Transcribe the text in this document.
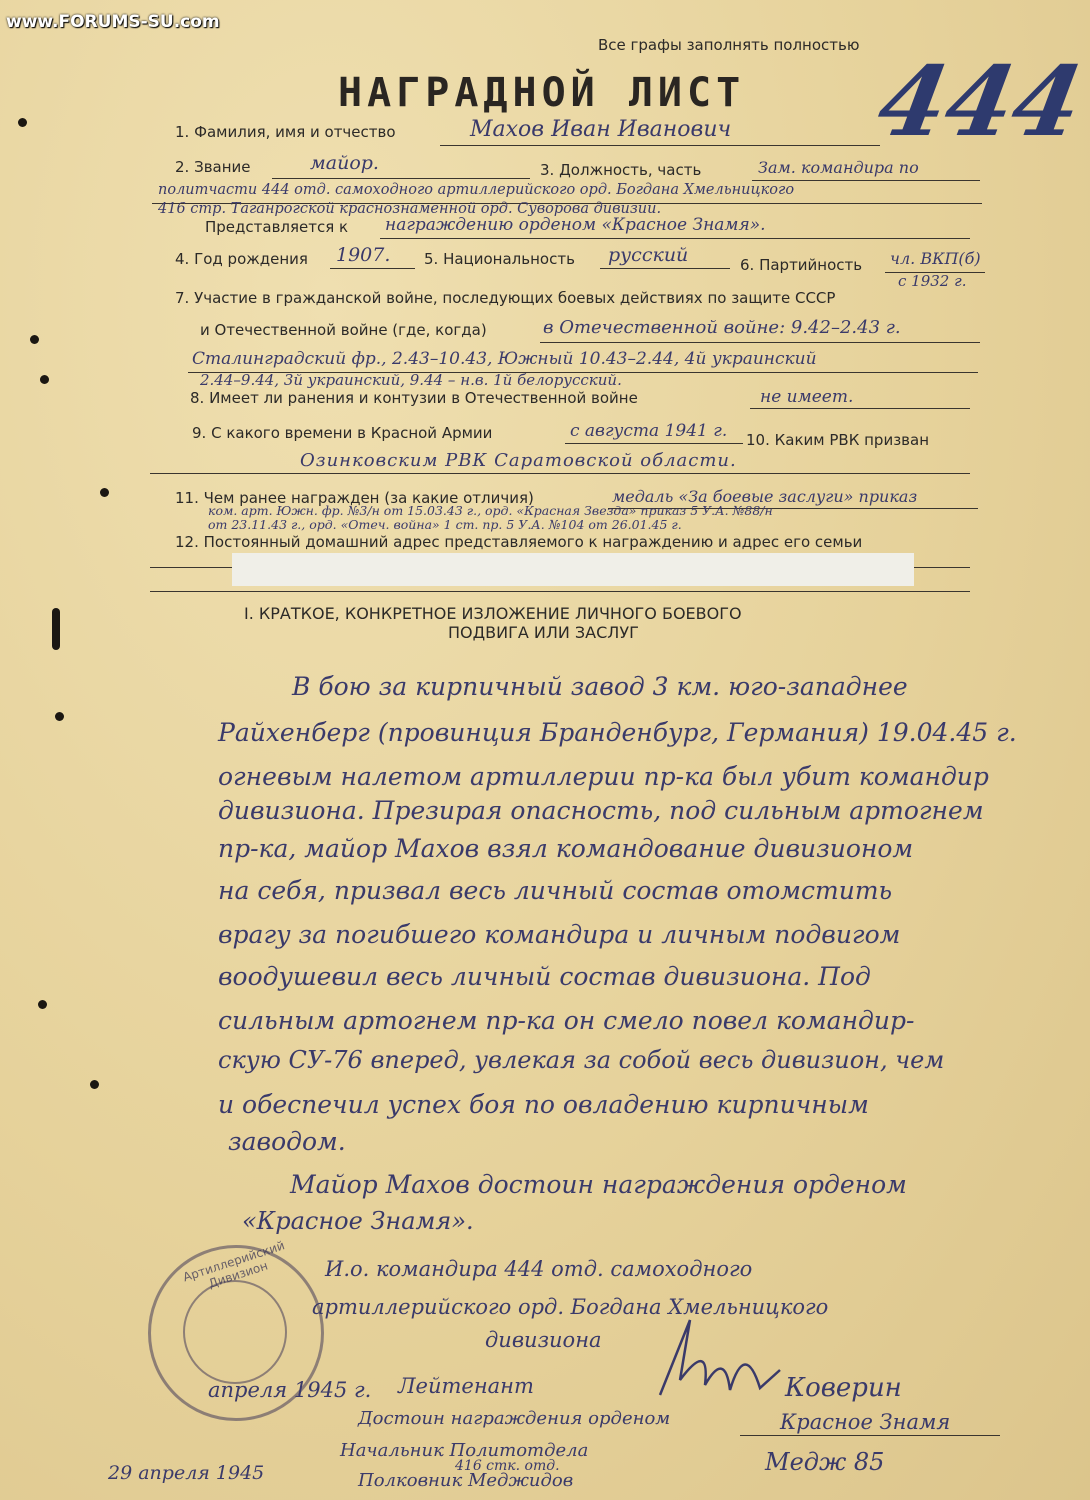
www.FORUMS-SU.com
Все графы заполнять полностью
НАГРАДНОЙ ЛИСТ 444
1. Фамилия, имя и отчество	Махов Иван Иванович
2. Звание	майор.	3. Должность, часть	Зам. командира по
политчасти 444 отд. самоходного артиллерийского орд. Богдана Хмельницкого
416 стр. Таганрогской краснознаменной орд. Суворова дивизии.
Представляется к награждению орденом «Красное Знамя».
4. Год рождения 1907. 5. Национальность русский	6. Партийность чл. ВКП(б)
с 1932 г.
7. Участие в гражданской войне, последующих боевых действиях по защите СССР
и Отечественной войне (где, когда)	в Отечественной войне: 9.42–2.43 г.
Сталинградский фр., 2.43–10.43, Южный 10.43–2.44, 4й украинский
2.44–9.44, 3й украинский, 9.44 – н.в. 1й белорусский.
8. Имеет ли ранения и контузии в Отечественной войне	не имеет.
9. С какого времени в Красной Армии	с августа 1941 г. 10. Каким РВК призван
Озинковским РВК Саратовской области.
11. Чем ранее награжден (за какие отличия)	медаль «За боевые заслуги» приказ
ком. арт. Южн. фр. №3/н от 15.03.43 г., орд. «Красная Звезда» приказ 5 У.А. №88/н
от 23.11.43 г., орд. «Отеч. война» 1 ст. пр. 5 У.А. №104 от 26.01.45 г.
12. Постоянный домашний адрес представляемого к награждению и адрес его семьи
I. КРАТКОЕ, КОНКРЕТНОЕ ИЗЛОЖЕНИЕ ЛИЧНОГО БОЕВОГО
ПОДВИГА ИЛИ ЗАСЛУГ
В бою за кирпичный завод 3 км. юго-западнее
Райхенберг (провинция Бранденбург, Германия) 19.04.45 г.
огневым налетом артиллерии пр-ка был убит командир
дивизиона. Презирая опасность, под сильным артогнем
пр-ка, майор Махов взял командование дивизионом
на себя, призвал весь личный состав отомстить
врагу за погибшего командира и личным подвигом
воодушевил весь личный состав дивизиона. Под
сильным артогнем пр-ка он смело повел командир-
скую СУ-76 вперед, увлекая за собой весь дивизион, чем
и обеспечил успех боя по овладению кирпичным
заводом.
Майор Махов достоин награждения орденом
«Красное Знамя».
Артиллерийский Дивизион	И.о. командира 444 отд. самоходного
артиллерийского орд. Богдана Хмельницкого
дивизиона
Лейтенант
апреля 1945 г.	Коверин
Достоин награждения орденом	Красное Знамя
Начальник Политотдела
416 стк. отд.
Полковник Меджидов
29 апреля 1945	Медж 85
